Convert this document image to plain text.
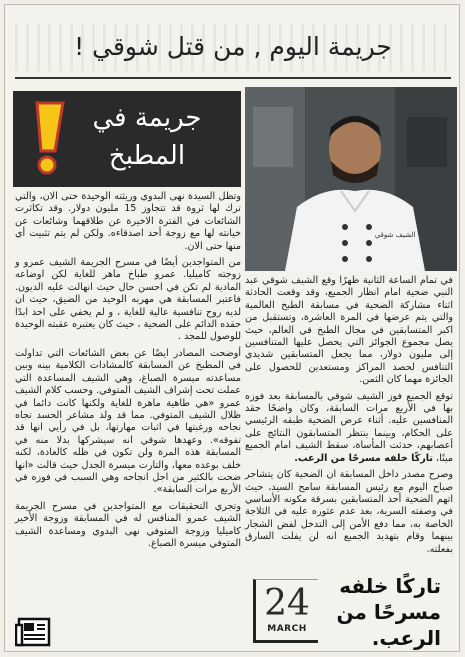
جريمة اليوم , من قتل شوقي !
جريمة في
المطبخ
الشيف شوقي

في تمام الساعة الثانية ظهرًا وقع الشيف شوقي عبد النبي ضحية امام انظار الجميع، وقد وقعت الحادثة اثناء مشاركة الضحية في مسابقة الطبخ العالمية والتي يتم عرضها في المرة العاشرة، وتستقبل من اكبر المتسابقين في مجال الطبخ في العالم، حيث يصل مجموع الجوائز التي يحصل عليها المتنافسين إلى مليون دولار، مما يجعل المتسابقين شديدي التنافس لحصد المراكز ومستعدين للحصول على الجائزة مهما كان الثمن.

توقع الجميع فوز الشيف شوقي بالمسابقة بعد فوزه بها في الأربع مرات السابقة، وكان واضحًا حقد المنافسين عليه. أثناء عرض الضحية طبقه الرئيسي على الحكام، وبينما ينتظر المتسابقون النتائج على أعصابهم، حدثت المأساة، سقط الشيف امام الجميع ميتًا، تاركًا خلفه مسرحًا من الرعب.

وصرح مصدر داخل المسابقة ان الضحية كان يتشاجر صباح اليوم مع رئيس المسابقة سامح السيد، حيث اتهم الضحية أحد المتسابقين بسرقة مكونه الأساسي في وصفته السرية، بعد عدم عثوره عليه في الثلاجة الخاصة به، مما دفع الأمن إلى التدخل لفض الشجار بينهما وقام بتهديد الجميع انه لن يفلت السارق بفعلته.

وتظل السيدة نهى البدوي وريثته الوحيدة حتى الان، والتي ترك لها ثروة قد تتجاوز 15 مليون دولار. وقد تكاثرت الشائعات في الفترة الاخيرة عن طلاقهما وشائعات عن خيانته لها مع زوجة أحد اصدقاءه. ولكن لم يتم تثبيت أي منها حتى الان.

من المتواجدين أيضًا في مسرح الجريمة الشيف عمرو و زوجته كاميليا. عمرو طباخ ماهر للغاية لكن اوضاعه المادية لم تكن في احسن حال حيث انهالت عليه الديون. فاعتبر المسابقة هي مهربه الوحيد من الضيق، حيث ان لديه روح تنافسية عالية للغاية ، و لم يخفي على احد ابدًا حقده الدائم على الضحية ، حيث كان يعتبره عقبته الوحيدة للوصول للمجد .

أوضحت المصادر ايضًا عن بعض الشائعات التي تداولت في المطبخ عن المسابقة كالمشادات الكلامية بينه وبين مساعدته ميسرة الصباغ، وهي الشيف المساعدة التي عملت تحت إشراف الشيف المتوفي. وحسب كلام الشيف عمرو «هي طاهية ماهرة للغاية ولكنها كانت دائما في ظلال الشيف المتوفي. مما قد ولد مشاعر الحسد تجاه نجاحه ورغبتها في اثبات مهارتها، بل في رأيي انها قد تفوقه». وعهدها شوقي انه سيشركها بدلا منه في المسابقة هذه المرة ولن تكون في ظله كالعادة، لكنه خلف بوعده معها، والتارت ميسرة الجدل حيث قالت «انها ضحت بالكثير من اجل انجاحه وهي السبب في فوزه في الأربع مرات السابقة».

وتجري التحقيقات مع المتواجدين في مسرح الجريمة الشيف عمرو المنافس له في المسابقة وزوجة الأخير كاميليا وزوجة المتوفي نهى البدوي ومساعدة الشيف المتوفي ميسرة الصباغ.

24
MARCH
تاركًا خلفه مسرحًا من الرعب.
